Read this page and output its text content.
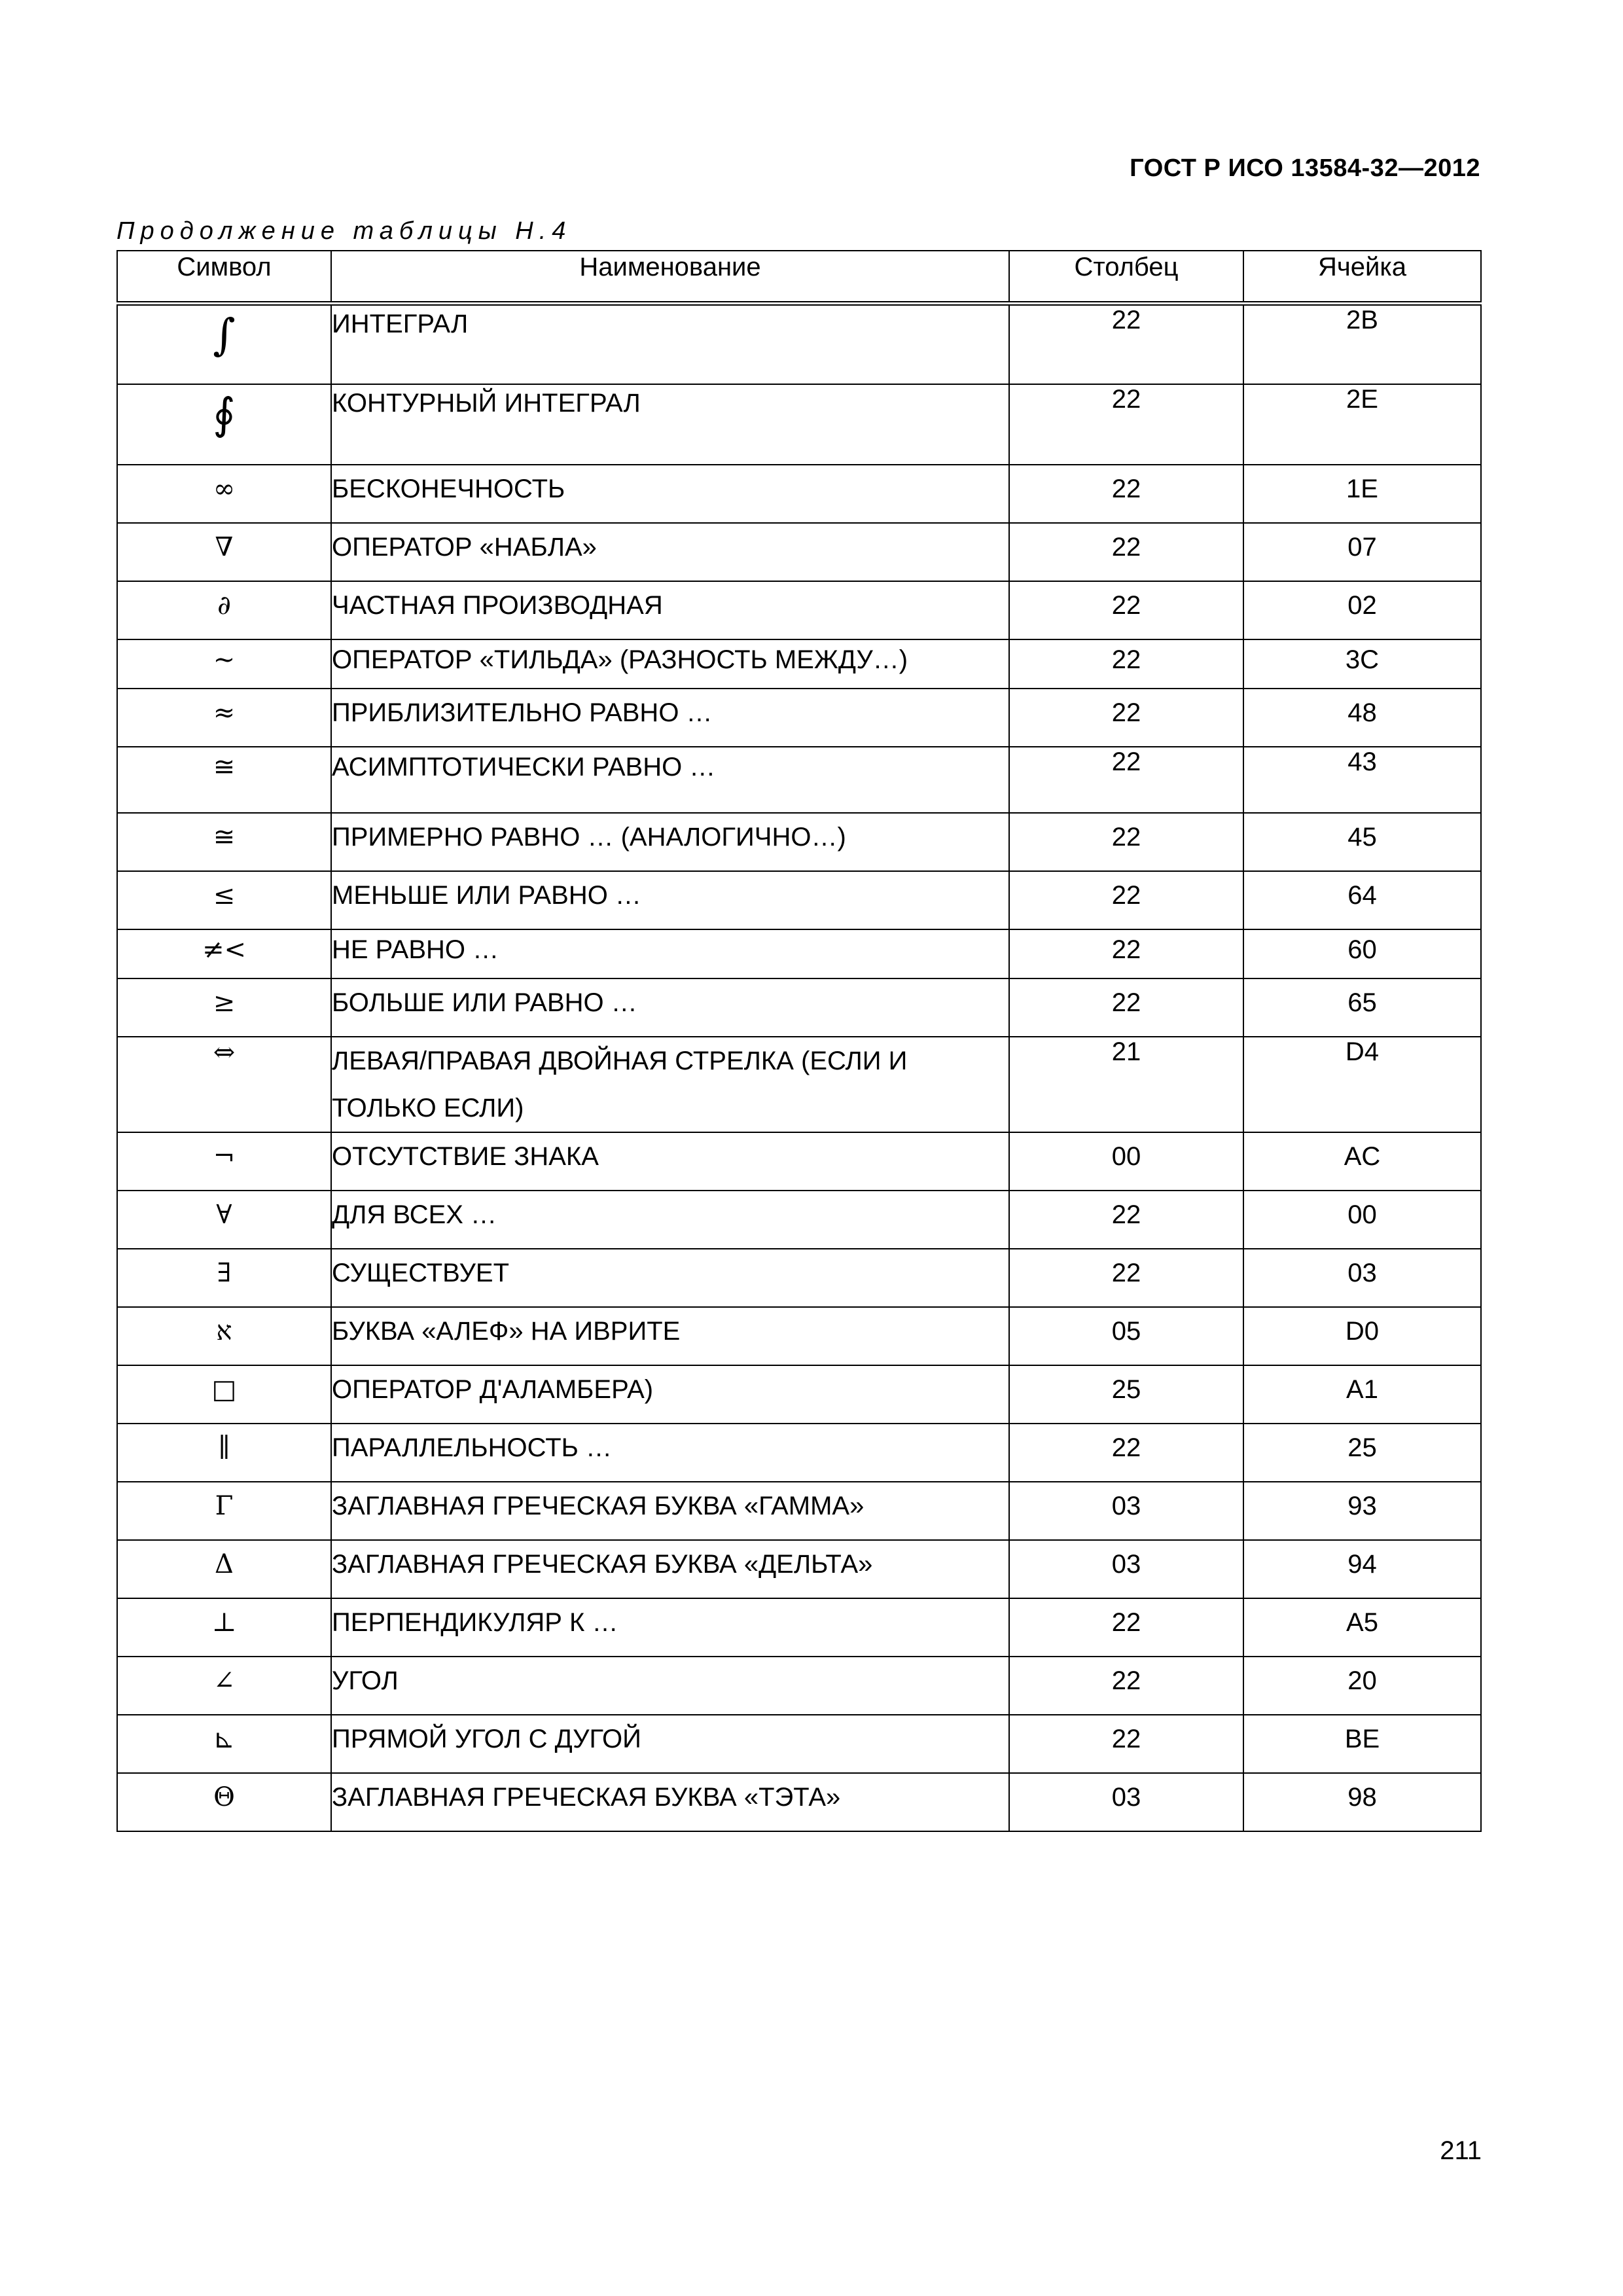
ГОСТ Р ИСО 13584-32—2012
Продолжение таблицы H.4
Символ	Наименование	Столбец	Ячейка
∫	ИНТЕГРАЛ	22	2B
∮	КОНТУРНЫЙ ИНТЕГРАЛ	22	2E
∞	БЕСКОНЕЧНОСТЬ	22	1E
∇	ОПЕРАТОР «НАБЛА»	22	07
∂	ЧАСТНАЯ ПРОИЗВОДНАЯ	22	02
~	ОПЕРАТОР «ТИЛЬДА» (РАЗНОСТЬ МЕЖДУ…)	22	3C
≈	ПРИБЛИЗИТЕЛЬНО РАВНО …	22	48
≅	АСИМПТОТИЧЕСКИ РАВНО …	22	43
≅	ПРИМЕРНО РАВНО … (АНАЛОГИЧНО…)	22	45
≤	МЕНЬШЕ ИЛИ РАВНО …	22	64
≠<	НЕ РАВНО …	22	60
≥	БОЛЬШЕ ИЛИ РАВНО …	22	65
⇔	ЛЕВАЯ/ПРАВАЯ ДВОЙНАЯ СТРЕЛКА (ЕСЛИ И
ТОЛЬКО ЕСЛИ)	21	D4
¬	ОТСУТСТВИЕ ЗНАКА	00	AC
∀	ДЛЯ ВСЕХ …	22	00
∃	СУЩЕСТВУЕТ	22	03
א	БУКВА «АЛЕФ» НА ИВРИТЕ	05	D0
□	ОПЕРАТОР Д'АЛАМБЕРА)	25	A1
∥	ПАРАЛЛЕЛЬНОСТЬ …	22	25
Γ	ЗАГЛАВНАЯ ГРЕЧЕСКАЯ БУКВА «ГАММА»	03	93
Δ	ЗАГЛАВНАЯ ГРЕЧЕСКАЯ БУКВА «ДЕЛЬТА»	03	94
⊥	ПЕРПЕНДИКУЛЯР К …	22	A5
∠	УГОЛ	22	20
⊾	ПРЯМОЙ УГОЛ С ДУГОЙ	22	BE
Θ	ЗАГЛАВНАЯ ГРЕЧЕСКАЯ БУКВА «ТЭТА»	03	98
211
